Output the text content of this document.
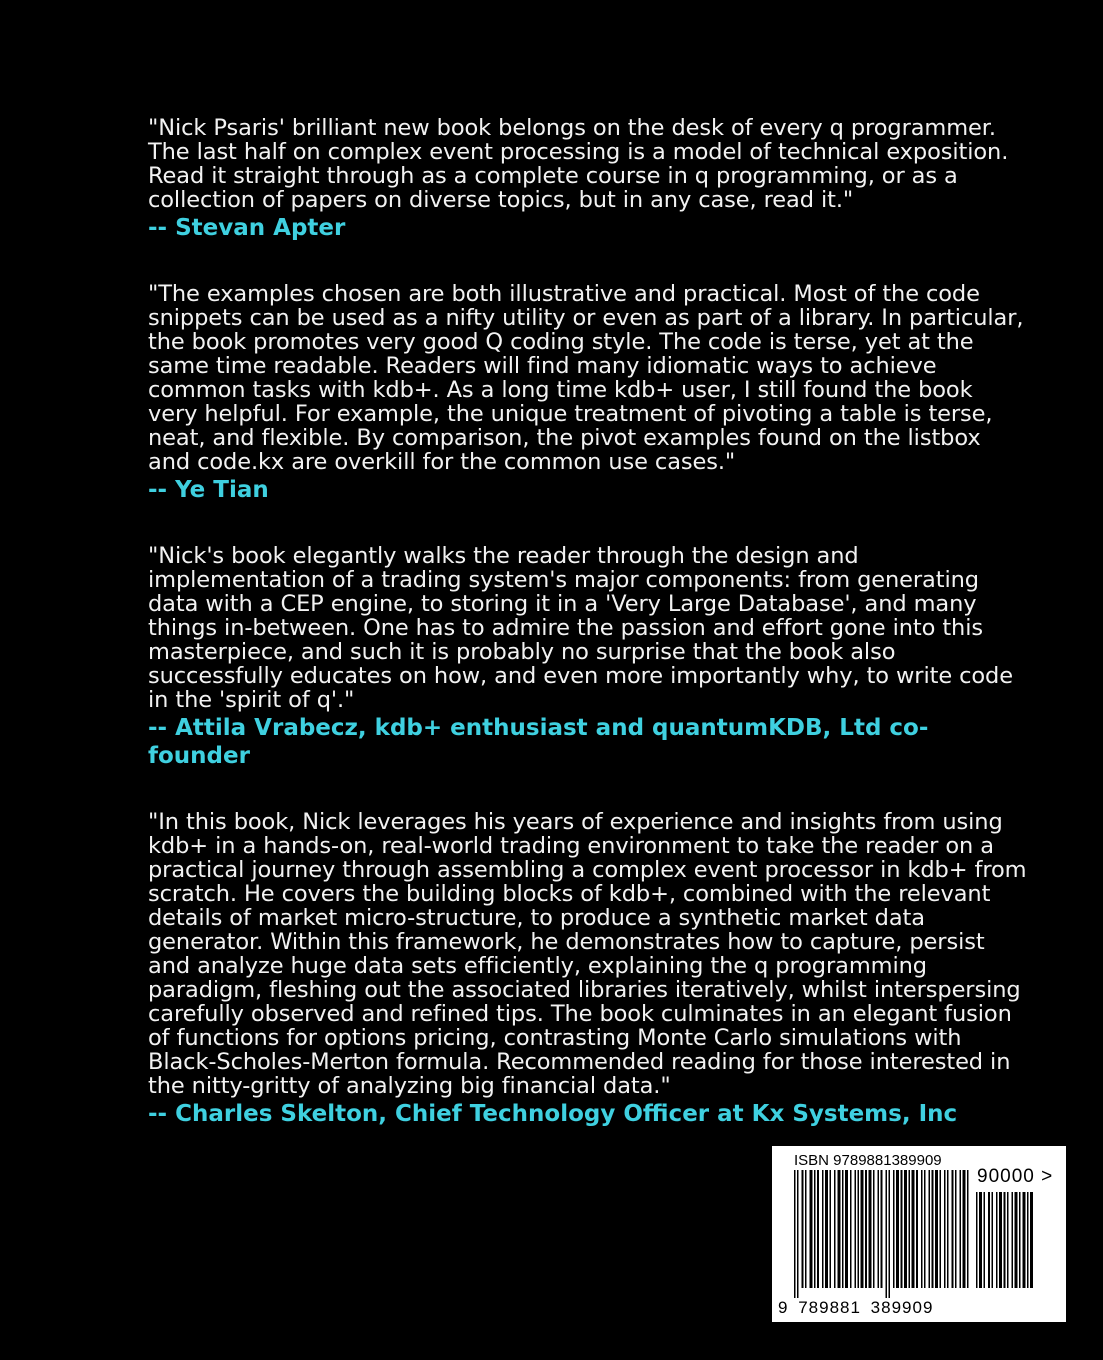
"Nick Psaris' brilliant new book belongs on the desk of every q programmer. The last half on complex event processing is a model of technical exposition. Read it straight through as a complete course in q programming, or as a collection of papers on diverse topics, but in any case, read it."

-- Stevan Apter

"The examples chosen are both illustrative and practical. Most of the code snippets can be used as a nifty utility or even as part of a library. In particular, the book promotes very good Q coding style. The code is terse, yet at the same time readable. Readers will find many idiomatic ways to achieve common tasks with kdb+. As a long time kdb+ user, I still found the book very helpful. For example, the unique treatment of pivoting a table is terse, neat, and flexible. By comparison, the pivot examples found on the listbox and code.kx are overkill for the common use cases."

-- Ye Tian

"Nick's book elegantly walks the reader through the design and implementation of a trading system's major components: from generating data with a CEP engine, to storing it in a 'Very Large Database', and many things in-between. One has to admire the passion and effort gone into this masterpiece, and such it is probably no surprise that the book also successfully educates on how, and even more importantly why, to write code in the 'spirit of q'."

-- Attila Vrabecz, kdb+ enthusiast and quantumKDB, Ltd co-founder

"In this book, Nick leverages his years of experience and insights from using kdb+ in a hands-on, real-world trading environment to take the reader on a practical journey through assembling a complex event processor in kdb+ from scratch. He covers the building blocks of kdb+, combined with the relevant details of market micro-structure, to produce a synthetic market data generator. Within this framework, he demonstrates how to capture, persist and analyze huge data sets efficiently, explaining the q programming paradigm, fleshing out the associated libraries iteratively, whilst interspersing carefully observed and refined tips. The book culminates in an elegant fusion of functions for options pricing, contrasting Monte Carlo simulations with Black-Scholes-Merton formula. Recommended reading for those interested in the nitty-gritty of analyzing big financial data."

-- Charles Skelton, Chief Technology Officer at Kx Systems, Inc

ISBN 9789881389909
90000 >
9 789881 389909
